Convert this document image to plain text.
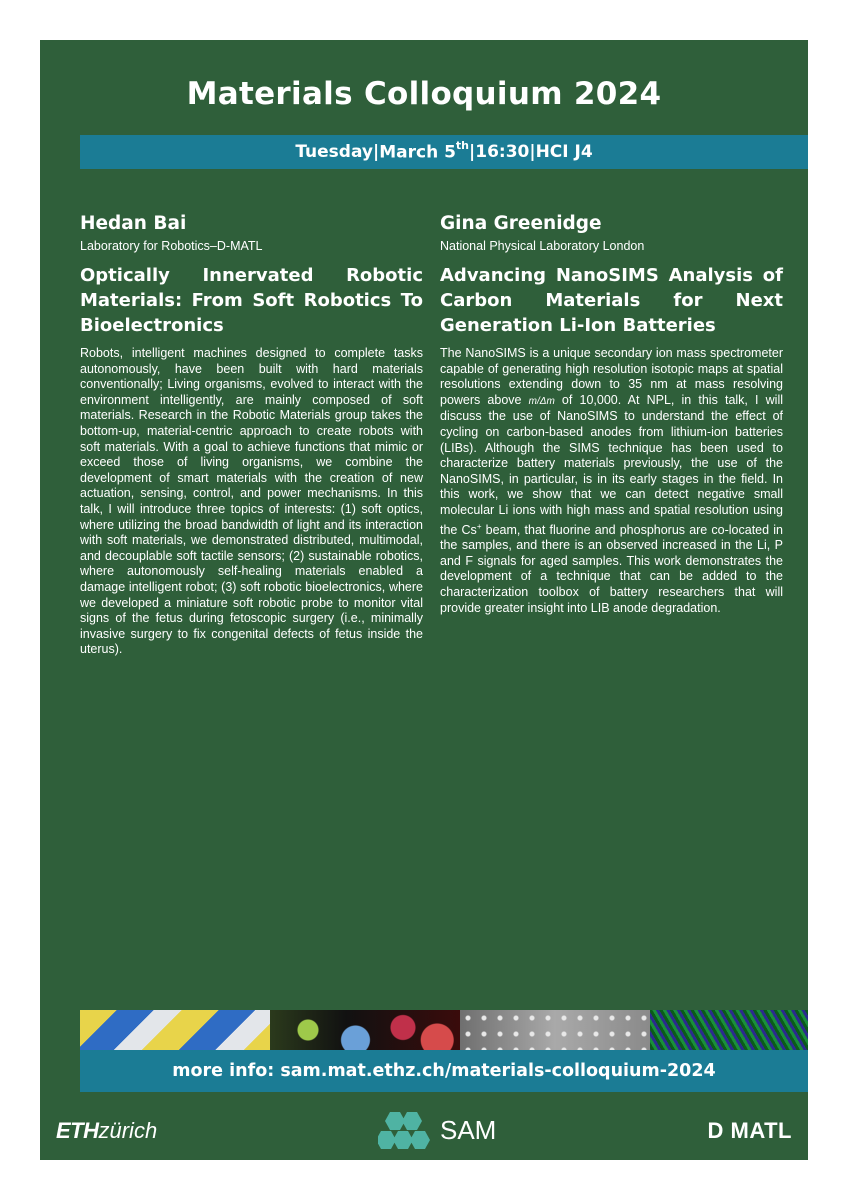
Materials Colloquium 2024
Tuesday | March 5th | 16:30 | HCI J4
Hedan Bai
Laboratory for Robotics–D-MATL
Optically Innervated Robotic Materials: From Soft Robotics To Bioelectronics
Robots, intelligent machines designed to complete tasks autonomously, have been built with hard materials conventionally; Living organisms, evolved to interact with the environment intelligently, are mainly composed of soft materials. Research in the Robotic Materials group takes the bottom-up, material-centric approach to create robots with soft materials. With a goal to achieve functions that mimic or exceed those of living organisms, we combine the development of smart materials with the creation of new actuation, sensing, control, and power mechanisms. In this talk, I will introduce three topics of interests: (1) soft optics, where utilizing the broad bandwidth of light and its interaction with soft materials, we demonstrated distributed, multimodal, and decouplable soft tactile sensors; (2) sustainable robotics, where autonomously self-healing materials enabled a damage intelligent robot; (3) soft robotic bioelectronics, where we developed a miniature soft robotic probe to monitor vital signs of the fetus during fetoscopic surgery (i.e., minimally invasive surgery to fix congenital defects of fetus inside the uterus).
Gina Greenidge
National Physical Laboratory London
Advancing NanoSIMS Analysis of Carbon Materials for Next Generation Li-Ion Batteries
The NanoSIMS is a unique secondary ion mass spectrometer capable of generating high resolution isotopic maps at spatial resolutions extending down to 35 nm at mass resolving powers above m/Δm of 10,000. At NPL, in this talk, I will discuss the use of NanoSIMS to understand the effect of cycling on carbon-based anodes from lithium-ion batteries (LIBs). Although the SIMS technique has been used to characterize battery materials previously, the use of the NanoSIMS, in particular, is in its early stages in the field. In this work, we show that we can detect negative small molecular Li ions with high mass and spatial resolution using the Cs+ beam, that fluorine and phosphorus are co-located in the samples, and there is an observed increased in the Li, P and F signals for aged samples. This work demonstrates the development of a technique that can be added to the characterization toolbox of battery researchers that will provide greater insight into LIB anode degradation.
more info: sam.mat.ethz.ch/materials-colloquium-2024
ETHzürich	SAM	D MATL
